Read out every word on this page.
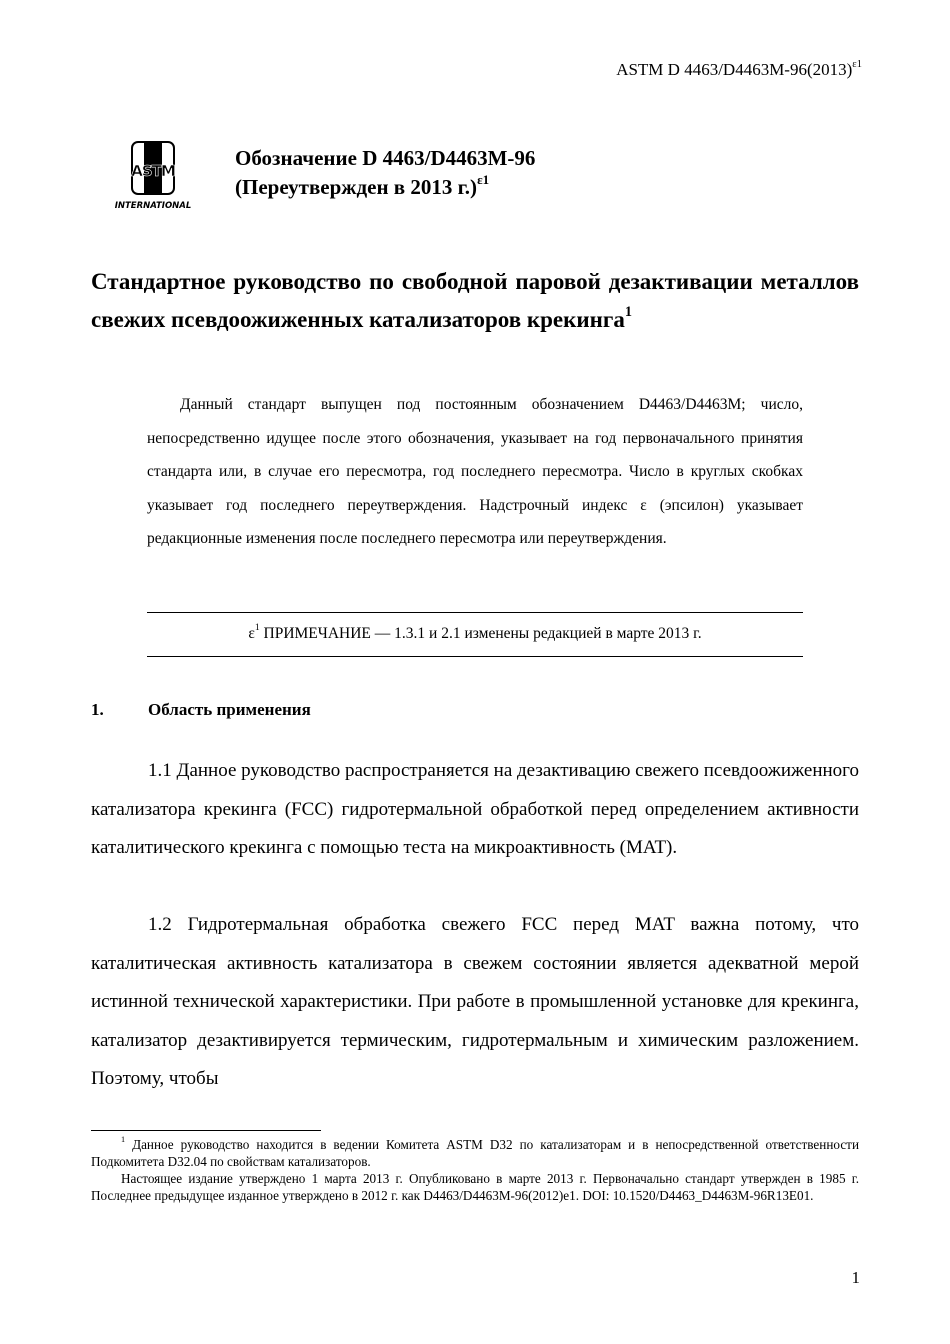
ASTM D $4463/D4463M-96(2013)^{\varepsilon 1}$
ASTM
INTERNATIONAL
Обозначение D 4463/D4463M-96
(Переутвержден в 2013 г.)$^{\varepsilon 1}$
Стандартное руководство по свободной паровой дезактивации металлов свежих псевдоожиженных катализаторов крекинга$^1$
Данный стандарт выпущен под постоянным обозначением D4463/D4463M; число, непосредственно идущее после этого обозначения, указывает на год первоначального принятия стандарта или, в случае его пересмотра, год последнего пересмотра. Число в круглых скобках указывает год последнего переутверждения. Надстрочный индекс ε (эпсилон) указывает редакционные изменения после последнего пересмотра или переутверждения.
$\varepsilon^1$ ПРИМЕЧАНИЕ — 1.3.1 и 2.1 изменены редакцией в марте 2013 г.
1.	Область применения
1.1 Данное руководство распространяется на дезактивацию свежего псевдоожиженного катализатора крекинга (FCC) гидротермальной обработкой перед определением активности каталитического крекинга с помощью теста на микроактивность (MAT).
1.2 Гидротермальная обработка свежего FCC перед MAT важна потому, что каталитическая активность катализатора в свежем состоянии является адекватной мерой истинной технической характеристики. При работе в промышленной установке для крекинга, катализатор дезактивируется термическим, гидротермальным и химическим разложением. Поэтому, чтобы

$^1$ Данное руководство находится в ведении Комитета ASTM D32 по катализаторам и в непосредственной ответственности Подкомитета D32.04 по свойствам катализаторов.

Настоящее издание утверждено 1 марта 2013 г. Опубликовано в марте 2013 г. Первоначально стандарт утвержден в 1985 г. Последнее предыдущее изданное утверждено в 2012 г. как D4463/D4463M-96(2012)e1. DOI: 10.1520/D4463_D4463M-96R13E01.

1
